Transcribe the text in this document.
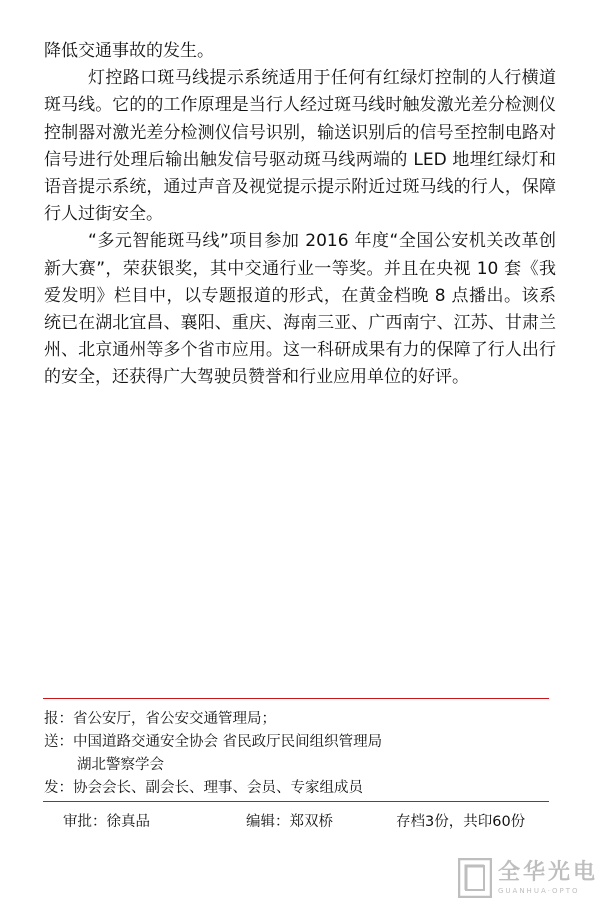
降低交通事故的发生。

灯控路口斑马线提示系统适用于任何有红绿灯控制的人行横道斑马线。它的的工作原理是当行人经过斑马线时触发激光差分检测仪控制器对激光差分检测仪信号识别，输送识别后的信号至控制电路对信号进行处理后输出触发信号驱动斑马线两端的 LED 地埋红绿灯和语音提示系统，通过声音及视觉提示提示附近过斑马线的行人，保障行人过街安全。

“多元智能斑马线”项目参加 2016 年度“全国公安机关改革创新大赛”，荣获银奖，其中交通行业一等奖。并且在央视 10 套《我爱发明》栏目中，以专题报道的形式，在黄金档晚 8 点播出。该系统已在湖北宜昌、襄阳、重庆、海南三亚、广西南宁、江苏、甘肃兰州、北京通州等多个省市应用。这一科研成果有力的保障了行人出行的安全，还获得广大驾驶员赞誉和行业应用单位的好评。

报：省公安厅，省公安交通管理局；
送：中国道路交通安全协会 省民政厅民间组织管理局
湖北警察学会
发：协会会长、副会长、理事、会员、专家组成员
审批：徐真品	编辑：郑双桥	存档3份，共印60份
全华光电
GUANHUA·OPTO
